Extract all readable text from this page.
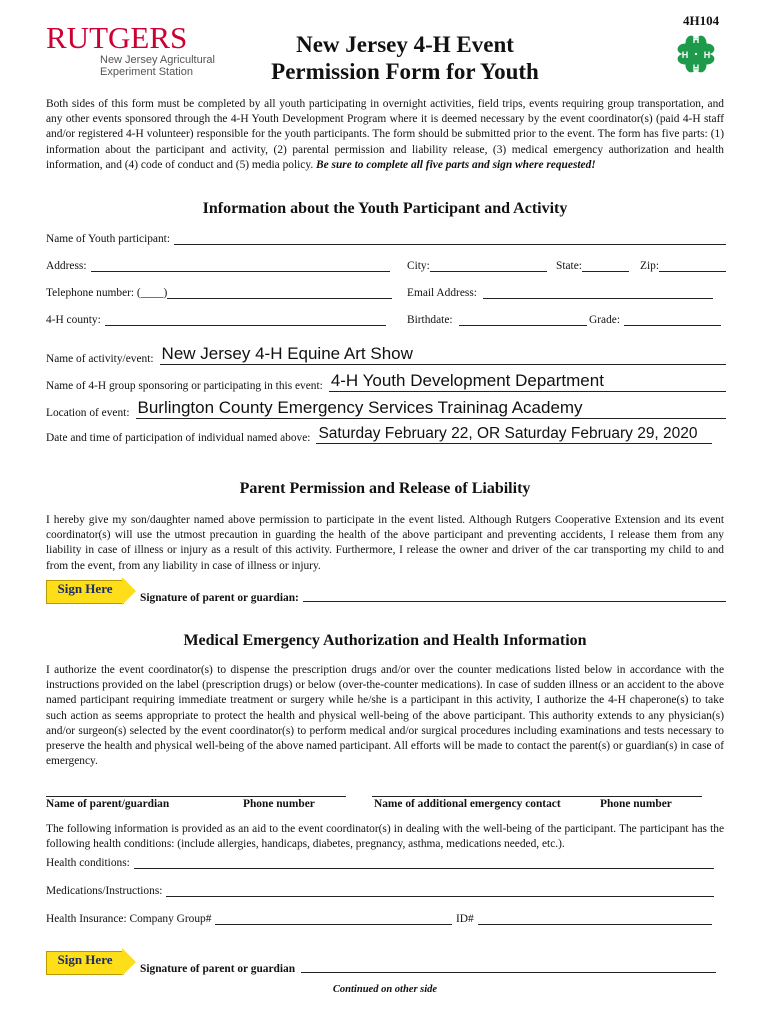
RUTGERS
New Jersey Agricultural
Experiment Station
4H104
New Jersey 4-H Event
Permission Form for Youth
H
H H
H
Both sides of this form must be completed by all youth participating in overnight activities, field trips, events requiring group transportation, and any other events sponsored through the 4-H Youth Development Program where it is deemed necessary by the event coordinator(s) (paid 4-H staff and/or registered 4-H volunteer) responsible for the youth participants. The form should be submitted prior to the event. The form has five parts: (1) information about the participant and activity, (2) parental permission and liability release, (3) medical emergency authorization and health information, and (4) code of conduct and (5) media policy. Be sure to complete all five parts and sign where requested!
Information about the Youth Participant and Activity
Name of Youth participant:
Address:	City:	State:	Zip:
Telephone number: (____)	Email Address:
4-H county:	Birthdate:	Grade:
Name of activity/event: New Jersey 4-H Equine Art Show
Name of 4-H group sponsoring or participating in this event: 4-H Youth Development Department
Location of event: Burlington County Emergency Services Traininag Academy
Date and time of participation of individual named above: Saturday February 22, OR Saturday February 29, 2020
Parent Permission and Release of Liability
I hereby give my son/daughter named above permission to participate in the event listed. Although Rutgers Cooperative Extension and its event coordinator(s) will use the utmost precaution in guarding the health of the above participant and preventing accidents, I release them from any liability in case of illness or injury as a result of this activity. Furthermore, I release the owner and driver of the car transporting my child to and from the event, from any liability in case of illness or injury.
Sign Here
Signature of parent or guardian:
Medical Emergency Authorization and Health Information
I authorize the event coordinator(s) to dispense the prescription drugs and/or over the counter medications listed below in accordance with the instructions provided on the label (prescription drugs) or below (over-the-counter medications). In case of sudden illness or an accident to the above named participant requiring immediate treatment or surgery while he/she is a participant in this activity, I authorize the 4-H chaperone(s) to take such action as seems appropriate to protect the health and physical well-being of the above participant. This authority extends to any physician(s) and/or surgeon(s) selected by the event coordinator(s) to perform medical and/or surgical procedures including examinations and tests necessary to preserve the health and physical well-being of the above named participant. All efforts will be made to contact the parent(s) or guardian(s) in case of emergency.
Name of parent/guardian	Phone number	Name of additional emergency contact	Phone number
The following information is provided as an aid to the event coordinator(s) in dealing with the well-being of the participant. The participant has the following health conditions: (include allergies, handicaps, diabetes, pregnancy, asthma, medications needed, etc.).
Health conditions:
Medications/Instructions:
Health Insurance: Company Group#	ID#
Sign Here
Signature of parent or guardian
Continued on other side
